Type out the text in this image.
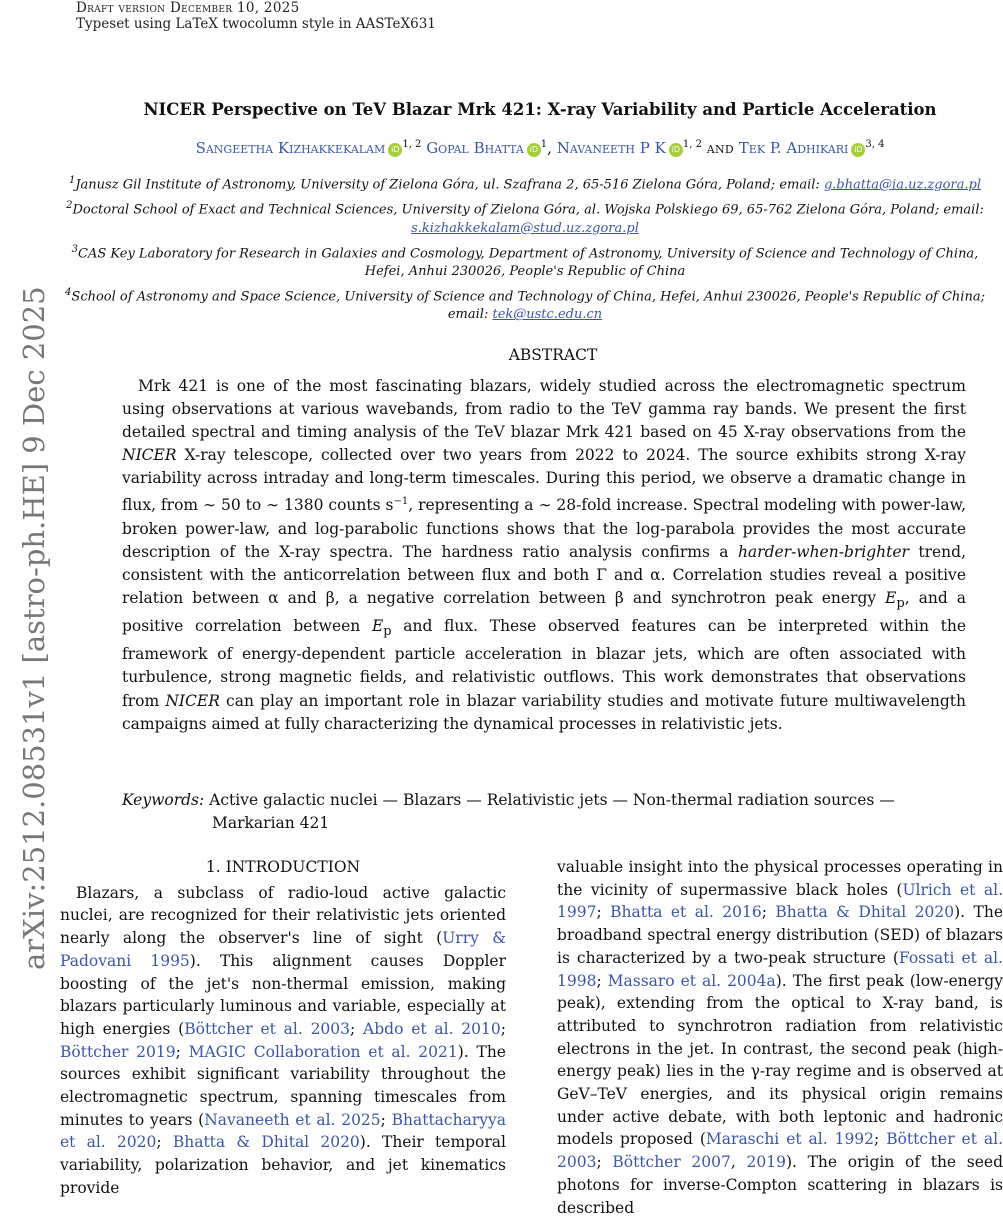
Draft version December 10, 2025
Typeset using LaTeX twocolumn style in AASTeX631
arXiv:2512.08531v1 [astro-ph.HE] 9 Dec 2025
NICER Perspective on TeV Blazar Mrk 421: X-ray Variability and Particle Acceleration
Sangeetha Kizhakkekalam iD $^{1, 2}$ Gopal Bhatta iD $^1$, Navaneeth P K iD $^{1, 2}$ and Tek P. Adhikari iD $^{3, 4}$

$^1$Janusz Gil Institute of Astronomy, University of Zielona Góra, ul. Szafrana 2, 65-516 Zielona Góra, Poland; email: g.bhatta@ia.uz.zgora.pl

$^2$Doctoral School of Exact and Technical Sciences, University of Zielona Góra, al. Wojska Polskiego 69, 65-762 Zielona Góra, Poland; email: s.kizhakkekalam@stud.uz.zgora.pl

$^3$CAS Key Laboratory for Research in Galaxies and Cosmology, Department of Astronomy, University of Science and Technology of China, Hefei, Anhui 230026, People's Republic of China

$^4$School of Astronomy and Space Science, University of Science and Technology of China, Hefei, Anhui 230026, People's Republic of China; email: tek@ustc.edu.cn

ABSTRACT

Mrk 421 is one of the most fascinating blazars, widely studied across the electromagnetic spectrum using observations at various wavebands, from radio to the TeV gamma ray bands. We present the first detailed spectral and timing analysis of the TeV blazar Mrk 421 based on 45 X-ray observations from the NICER X-ray telescope, collected over two years from 2022 to 2024. The source exhibits strong X-ray variability across intraday and long-term timescales. During this period, we observe a dramatic change in flux, from ∼ 50 to ∼ 1380 counts $s^{-1}$, representing a ∼ 28-fold increase. Spectral modeling with power-law, broken power-law, and log-parabolic functions shows that the log-parabola provides the most accurate description of the X-ray spectra. The hardness ratio analysis confirms a harder-when-brighter trend, consistent with the anticorrelation between flux and both Γ and α. Correlation studies reveal a positive relation between α and β, a negative correlation between β and synchrotron peak energy $E_p$, and a positive correlation between $E_p$ and flux. These observed features can be interpreted within the framework of energy-dependent particle acceleration in blazar jets, which are often associated with turbulence, strong magnetic fields, and relativistic outflows. This work demonstrates that observations from NICER can play an important role in blazar variability studies and motivate future multiwavelength campaigns aimed at fully characterizing the dynamical processes in relativistic jets.

Keywords: Active galactic nuclei — Blazars — Relativistic jets — Non-thermal radiation sources — Markarian 421
1. INTRODUCTION

Blazars, a subclass of radio-loud active galactic nuclei, are recognized for their relativistic jets oriented nearly along the observer's line of sight (Urry & Padovani 1995). This alignment causes Doppler boosting of the jet's non-thermal emission, making blazars particularly luminous and variable, especially at high energies (Böttcher et al. 2003; Abdo et al. 2010; Böttcher 2019; MAGIC Collaboration et al. 2021). The sources exhibit significant variability throughout the electromagnetic spectrum, spanning timescales from minutes to years (Navaneeth et al. 2025; Bhattacharyya et al. 2020; Bhatta & Dhital 2020). Their temporal variability, polarization behavior, and jet kinematics provide

valuable insight into the physical processes operating in the vicinity of supermassive black holes (Ulrich et al. 1997; Bhatta et al. 2016; Bhatta & Dhital 2020). The broadband spectral energy distribution (SED) of blazars is characterized by a two-peak structure (Fossati et al. 1998; Massaro et al. 2004a). The first peak (low-energy peak), extending from the optical to X-ray band, is attributed to synchrotron radiation from relativistic electrons in the jet. In contrast, the second peak (high-energy peak) lies in the γ-ray regime and is observed at GeV–TeV energies, and its physical origin remains under active debate, with both leptonic and hadronic models proposed (Maraschi et al. 1992; Böttcher et al. 2003; Böttcher 2007, 2019). The origin of the seed photons for inverse-Compton scattering in blazars is described
